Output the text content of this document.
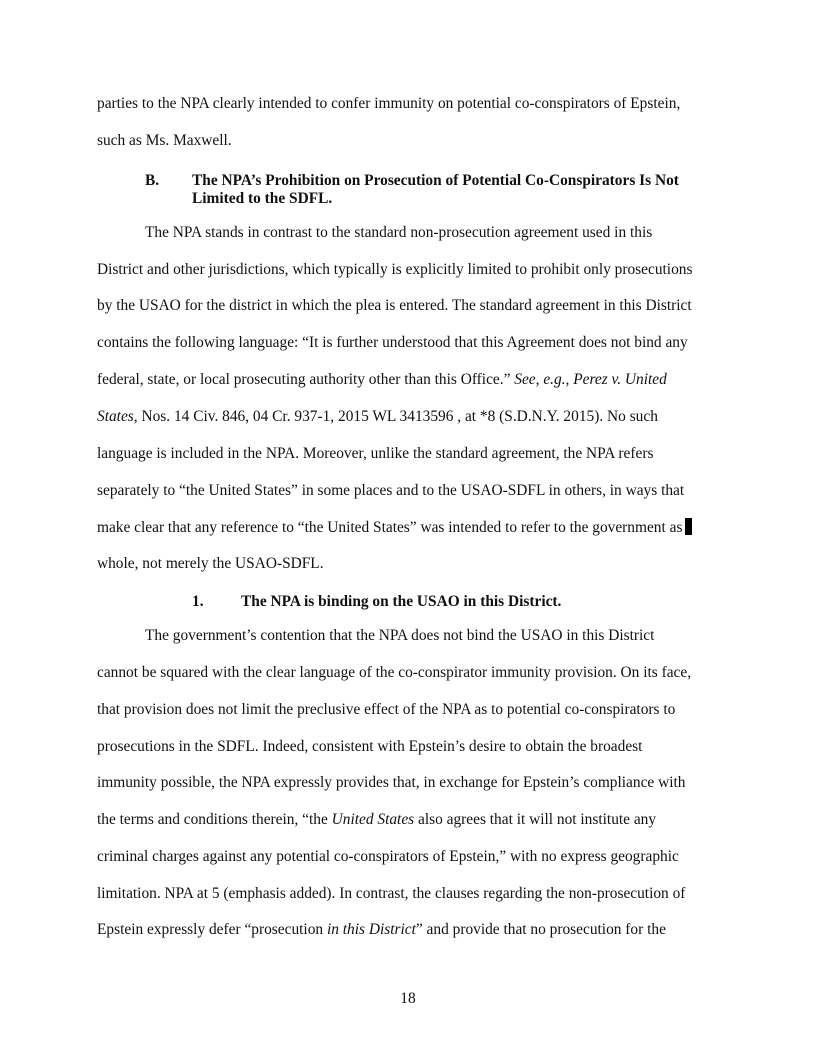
parties to the NPA clearly intended to confer immunity on potential co-conspirators of Epstein,
such as Ms. Maxwell.
B. The NPA’s Prohibition on Prosecution of Potential Co-Conspirators Is Not
Limited to the SDFL.
The NPA stands in contrast to the standard non-prosecution agreement used in this
District and other jurisdictions, which typically is explicitly limited to prohibit only prosecutions
by the USAO for the district in which the plea is entered. The standard agreement in this District
contains the following language: “It is further understood that this Agreement does not bind any
federal, state, or local prosecuting authority other than this Office.” See, e.g., Perez v. United
States, Nos. 14 Civ. 846, 04 Cr. 937-1, 2015 WL 3413596 , at *8 (S.D.N.Y. 2015). No such
language is included in the NPA. Moreover, unlike the standard agreement, the NPA refers
separately to “the United States” in some places and to the USAO-SDFL in others, in ways that
make clear that any reference to “the United States” was intended to refer to the government as
whole, not merely the USAO-SDFL.
1. The NPA is binding on the USAO in this District.
The government’s contention that the NPA does not bind the USAO in this District
cannot be squared with the clear language of the co-conspirator immunity provision. On its face,
that provision does not limit the preclusive effect of the NPA as to potential co-conspirators to
prosecutions in the SDFL. Indeed, consistent with Epstein’s desire to obtain the broadest
immunity possible, the NPA expressly provides that, in exchange for Epstein’s compliance with
the terms and conditions therein, “the United States also agrees that it will not institute any
criminal charges against any potential co-conspirators of Epstein,” with no express geographic
limitation. NPA at 5 (emphasis added). In contrast, the clauses regarding the non-prosecution of
Epstein expressly defer “prosecution in this District” and provide that no prosecution for the
18
